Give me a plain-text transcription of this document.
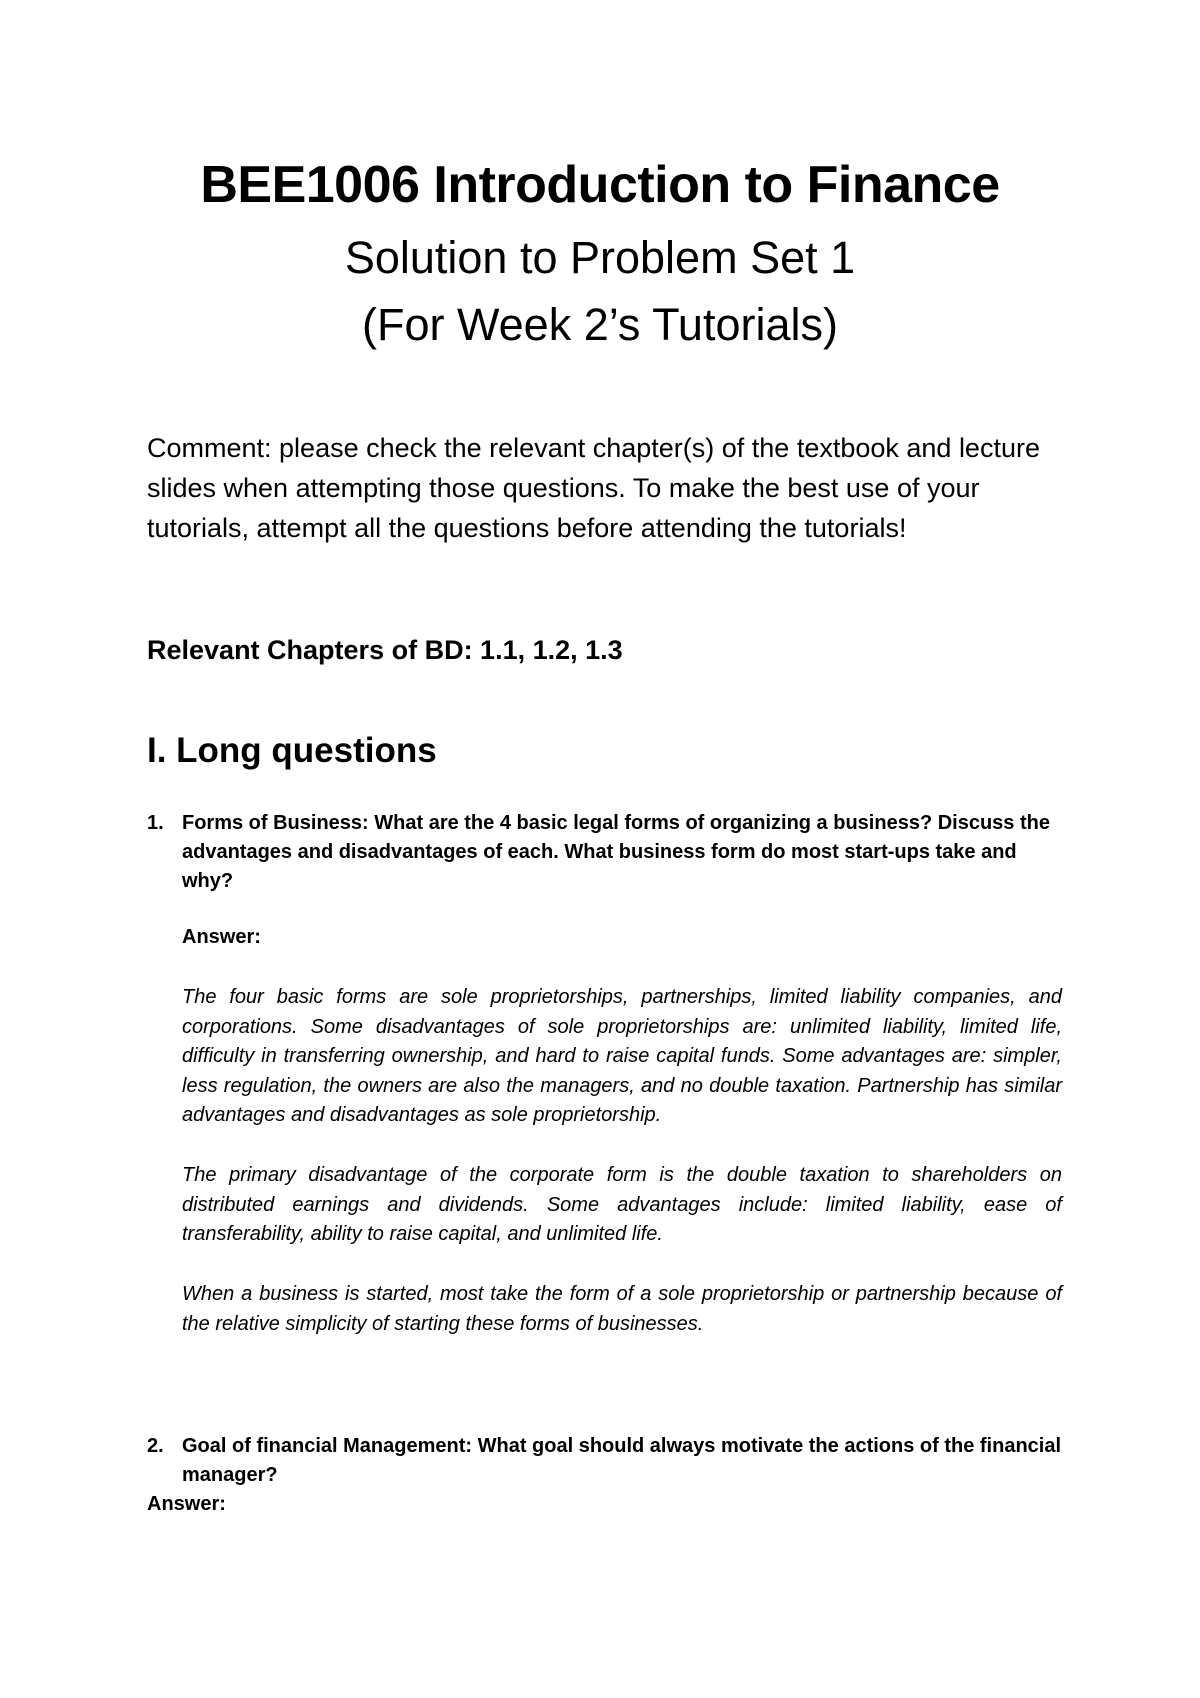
BEE1006 Introduction to Finance
Solution to Problem Set 1
(For Week 2’s Tutorials)
Comment: please check the relevant chapter(s) of the textbook and lecture slides when attempting those questions. To make the best use of your tutorials, attempt all the questions before attending the tutorials!
Relevant Chapters of BD: 1.1, 1.2, 1.3
I. Long questions
1. Forms of Business: What are the 4 basic legal forms of organizing a business? Discuss the advantages and disadvantages of each. What business form do most start-ups take and why?
Answer:
The four basic forms are sole proprietorships, partnerships, limited liability companies, and corporations. Some disadvantages of sole proprietorships are: unlimited liability, limited life, difficulty in transferring ownership, and hard to raise capital funds. Some advantages are: simpler, less regulation, the owners are also the managers, and no double taxation. Partnership has similar advantages and disadvantages as sole proprietorship.
The primary disadvantage of the corporate form is the double taxation to shareholders on distributed earnings and dividends. Some advantages include: limited liability, ease of transferability, ability to raise capital, and unlimited life.
When a business is started, most take the form of a sole proprietorship or partnership because of the relative simplicity of starting these forms of businesses.
2. Goal of financial Management: What goal should always motivate the actions of the financial manager?
Answer:
